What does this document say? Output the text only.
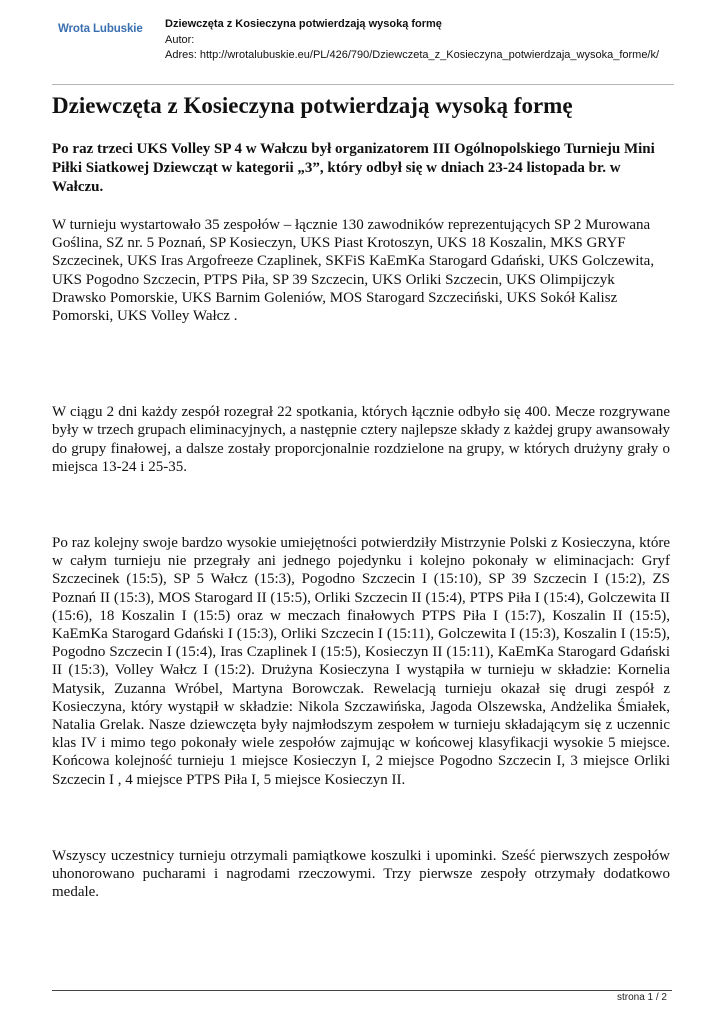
Wrota Lubuskie Dziewczęta z Kosieczyna potwierdzają wysoką formę
Autor:
Adres: http://wrotalubuskie.eu/PL/426/790/Dziewczeta_z_Kosieczyna_potwierdzaja_wysoka_forme/k/
Dziewczęta z Kosieczyna potwierdzają wysoką formę

Po raz trzeci UKS Volley SP 4 w Wałczu był organizatorem III Ogólnopolskiego Turnieju Mini Piłki Siatkowej Dziewcząt w kategorii „3”, który odbył się w dniach 23-24 listopada br. w Wałczu.

W turnieju wystartowało 35 zespołów – łącznie 130 zawodników reprezentujących SP 2 Murowana Goślina, SZ nr. 5 Poznań, SP Kosieczyn, UKS Piast Krotoszyn, UKS 18 Koszalin, MKS GRYF Szczecinek, UKS Iras Argofreeze Czaplinek, SKFiS KaEmKa Starogard Gdański, UKS Golczewita, UKS Pogodno Szczecin, PTPS Piła, SP 39 Szczecin, UKS Orliki Szczecin, UKS Olimpijczyk Drawsko Pomorskie, UKS Barnim Goleniów, MOS Starogard Szczeciński, UKS Sokół Kalisz Pomorski, UKS Volley Wałcz .

W ciągu 2 dni każdy zespół rozegrał 22 spotkania, których łącznie odbyło się 400. Mecze rozgrywane były w trzech grupach eliminacyjnych, a następnie cztery najlepsze składy z każdej grupy awansowały do grupy finałowej, a dalsze zostały proporcjonalnie rozdzielone na grupy, w których drużyny grały o miejsca 13-24 i 25-35.

Po raz kolejny swoje bardzo wysokie umiejętności potwierdziły Mistrzynie Polski z Kosieczyna, które w całym turnieju nie przegrały ani jednego pojedynku i kolejno pokonały w eliminacjach: Gryf Szczecinek (15:5), SP 5 Wałcz (15:3), Pogodno Szczecin I (15:10), SP 39 Szczecin I (15:2), ZS Poznań II (15:3), MOS Starogard II (15:5), Orliki Szczecin II (15:4), PTPS Piła I (15:4), Golczewita II (15:6), 18 Koszalin I (15:5) oraz w meczach finałowych PTPS Piła I (15:7), Koszalin II (15:5), KaEmKa Starogard Gdański I (15:3), Orliki Szczecin I (15:11), Golczewita I (15:3), Koszalin I (15:5), Pogodno Szczecin I (15:4), Iras Czaplinek I (15:5), Kosieczyn II (15:11), KaEmKa Starogard Gdański II (15:3), Volley Wałcz I (15:2). Drużyna Kosieczyna I wystąpiła w turnieju w składzie: Kornelia Matysik, Zuzanna Wróbel, Martyna Borowczak. Rewelacją turnieju okazał się drugi zespół z Kosieczyna, który wystąpił w składzie: Nikola Szczawińska, Jagoda Olszewska, Andżelika Śmiałek, Natalia Grelak. Nasze dziewczęta były najmłodszym zespołem w turnieju składającym się z uczennic klas IV i mimo tego pokonały wiele zespołów zajmując w końcowej klasyfikacji wysokie 5 miejsce. Końcowa kolejność turnieju 1 miejsce Kosieczyn I, 2 miejsce Pogodno Szczecin I, 3 miejsce Orliki Szczecin I , 4 miejsce PTPS Piła I, 5 miejsce Kosieczyn II.

Wszyscy uczestnicy turnieju otrzymali pamiątkowe koszulki i upominki. Sześć pierwszych zespołów uhonorowano pucharami i nagrodami rzeczowymi. Trzy pierwsze zespoły otrzymały dodatkowo medale.

strona 1 / 2
